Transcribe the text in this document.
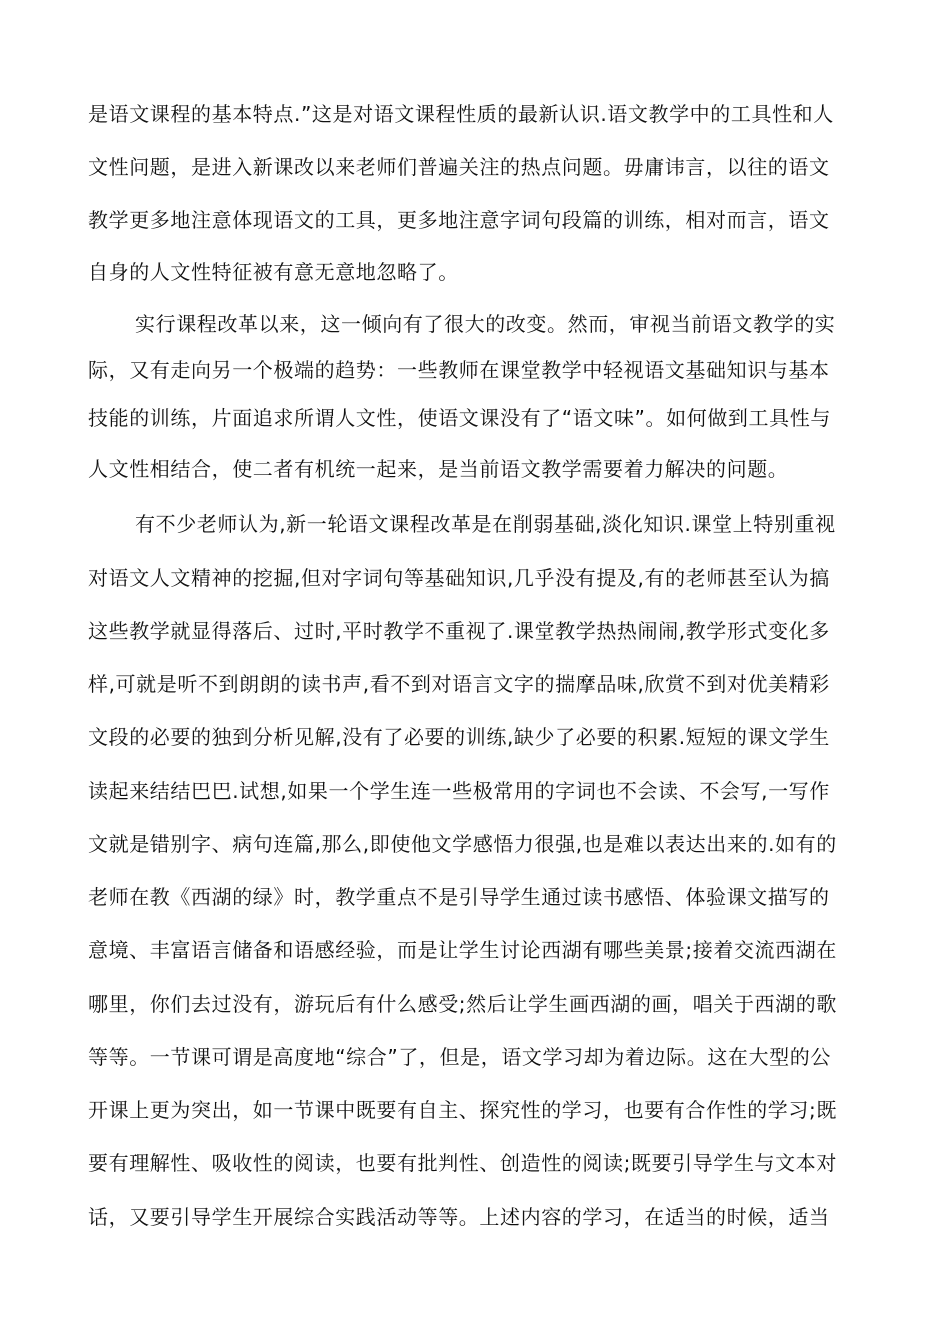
是语文课程的基本特点.”这是对语文课程性质的最新认识.语文教学中的工具性和人
文性问题，是进入新课改以来老师们普遍关注的热点问题。毋庸讳言，以往的语文
教学更多地注意体现语文的工具，更多地注意字词句段篇的训练，相对而言，语文
自身的人文性特征被有意无意地忽略了。
实行课程改革以来，这一倾向有了很大的改变。然而，审视当前语文教学的实
际，又有走向另一个极端的趋势：一些教师在课堂教学中轻视语文基础知识与基本
技能的训练，片面追求所谓人文性，使语文课没有了“语文味”。如何做到工具性与
人文性相结合，使二者有机统一起来，是当前语文教学需要着力解决的问题。
有不少老师认为,新一轮语文课程改革是在削弱基础,淡化知识.课堂上特别重视
对语文人文精神的挖掘,但对字词句等基础知识,几乎没有提及,有的老师甚至认为搞
这些教学就显得落后、过时,平时教学不重视了.课堂教学热热闹闹,教学形式变化多
样,可就是听不到朗朗的读书声,看不到对语言文字的揣摩品味,欣赏不到对优美精彩
文段的必要的独到分析见解,没有了必要的训练,缺少了必要的积累.短短的课文学生
读起来结结巴巴.试想,如果一个学生连一些极常用的字词也不会读、不会写,一写作
文就是错别字、病句连篇,那么,即使他文学感悟力很强,也是难以表达出来的.如有的
老师在教《西湖的绿》时，教学重点不是引导学生通过读书感悟、体验课文描写的
意境、丰富语言储备和语感经验，而是让学生讨论西湖有哪些美景;接着交流西湖在
哪里，你们去过没有，游玩后有什么感受;然后让学生画西湖的画，唱关于西湖的歌
等等。一节课可谓是高度地“综合”了，但是，语文学习却为着边际。这在大型的公
开课上更为突出，如一节课中既要有自主、探究性的学习，也要有合作性的学习;既
要有理解性、吸收性的阅读，也要有批判性、创造性的阅读;既要引导学生与文本对
话，又要引导学生开展综合实践活动等等。上述内容的学习，在适当的时候，适当
